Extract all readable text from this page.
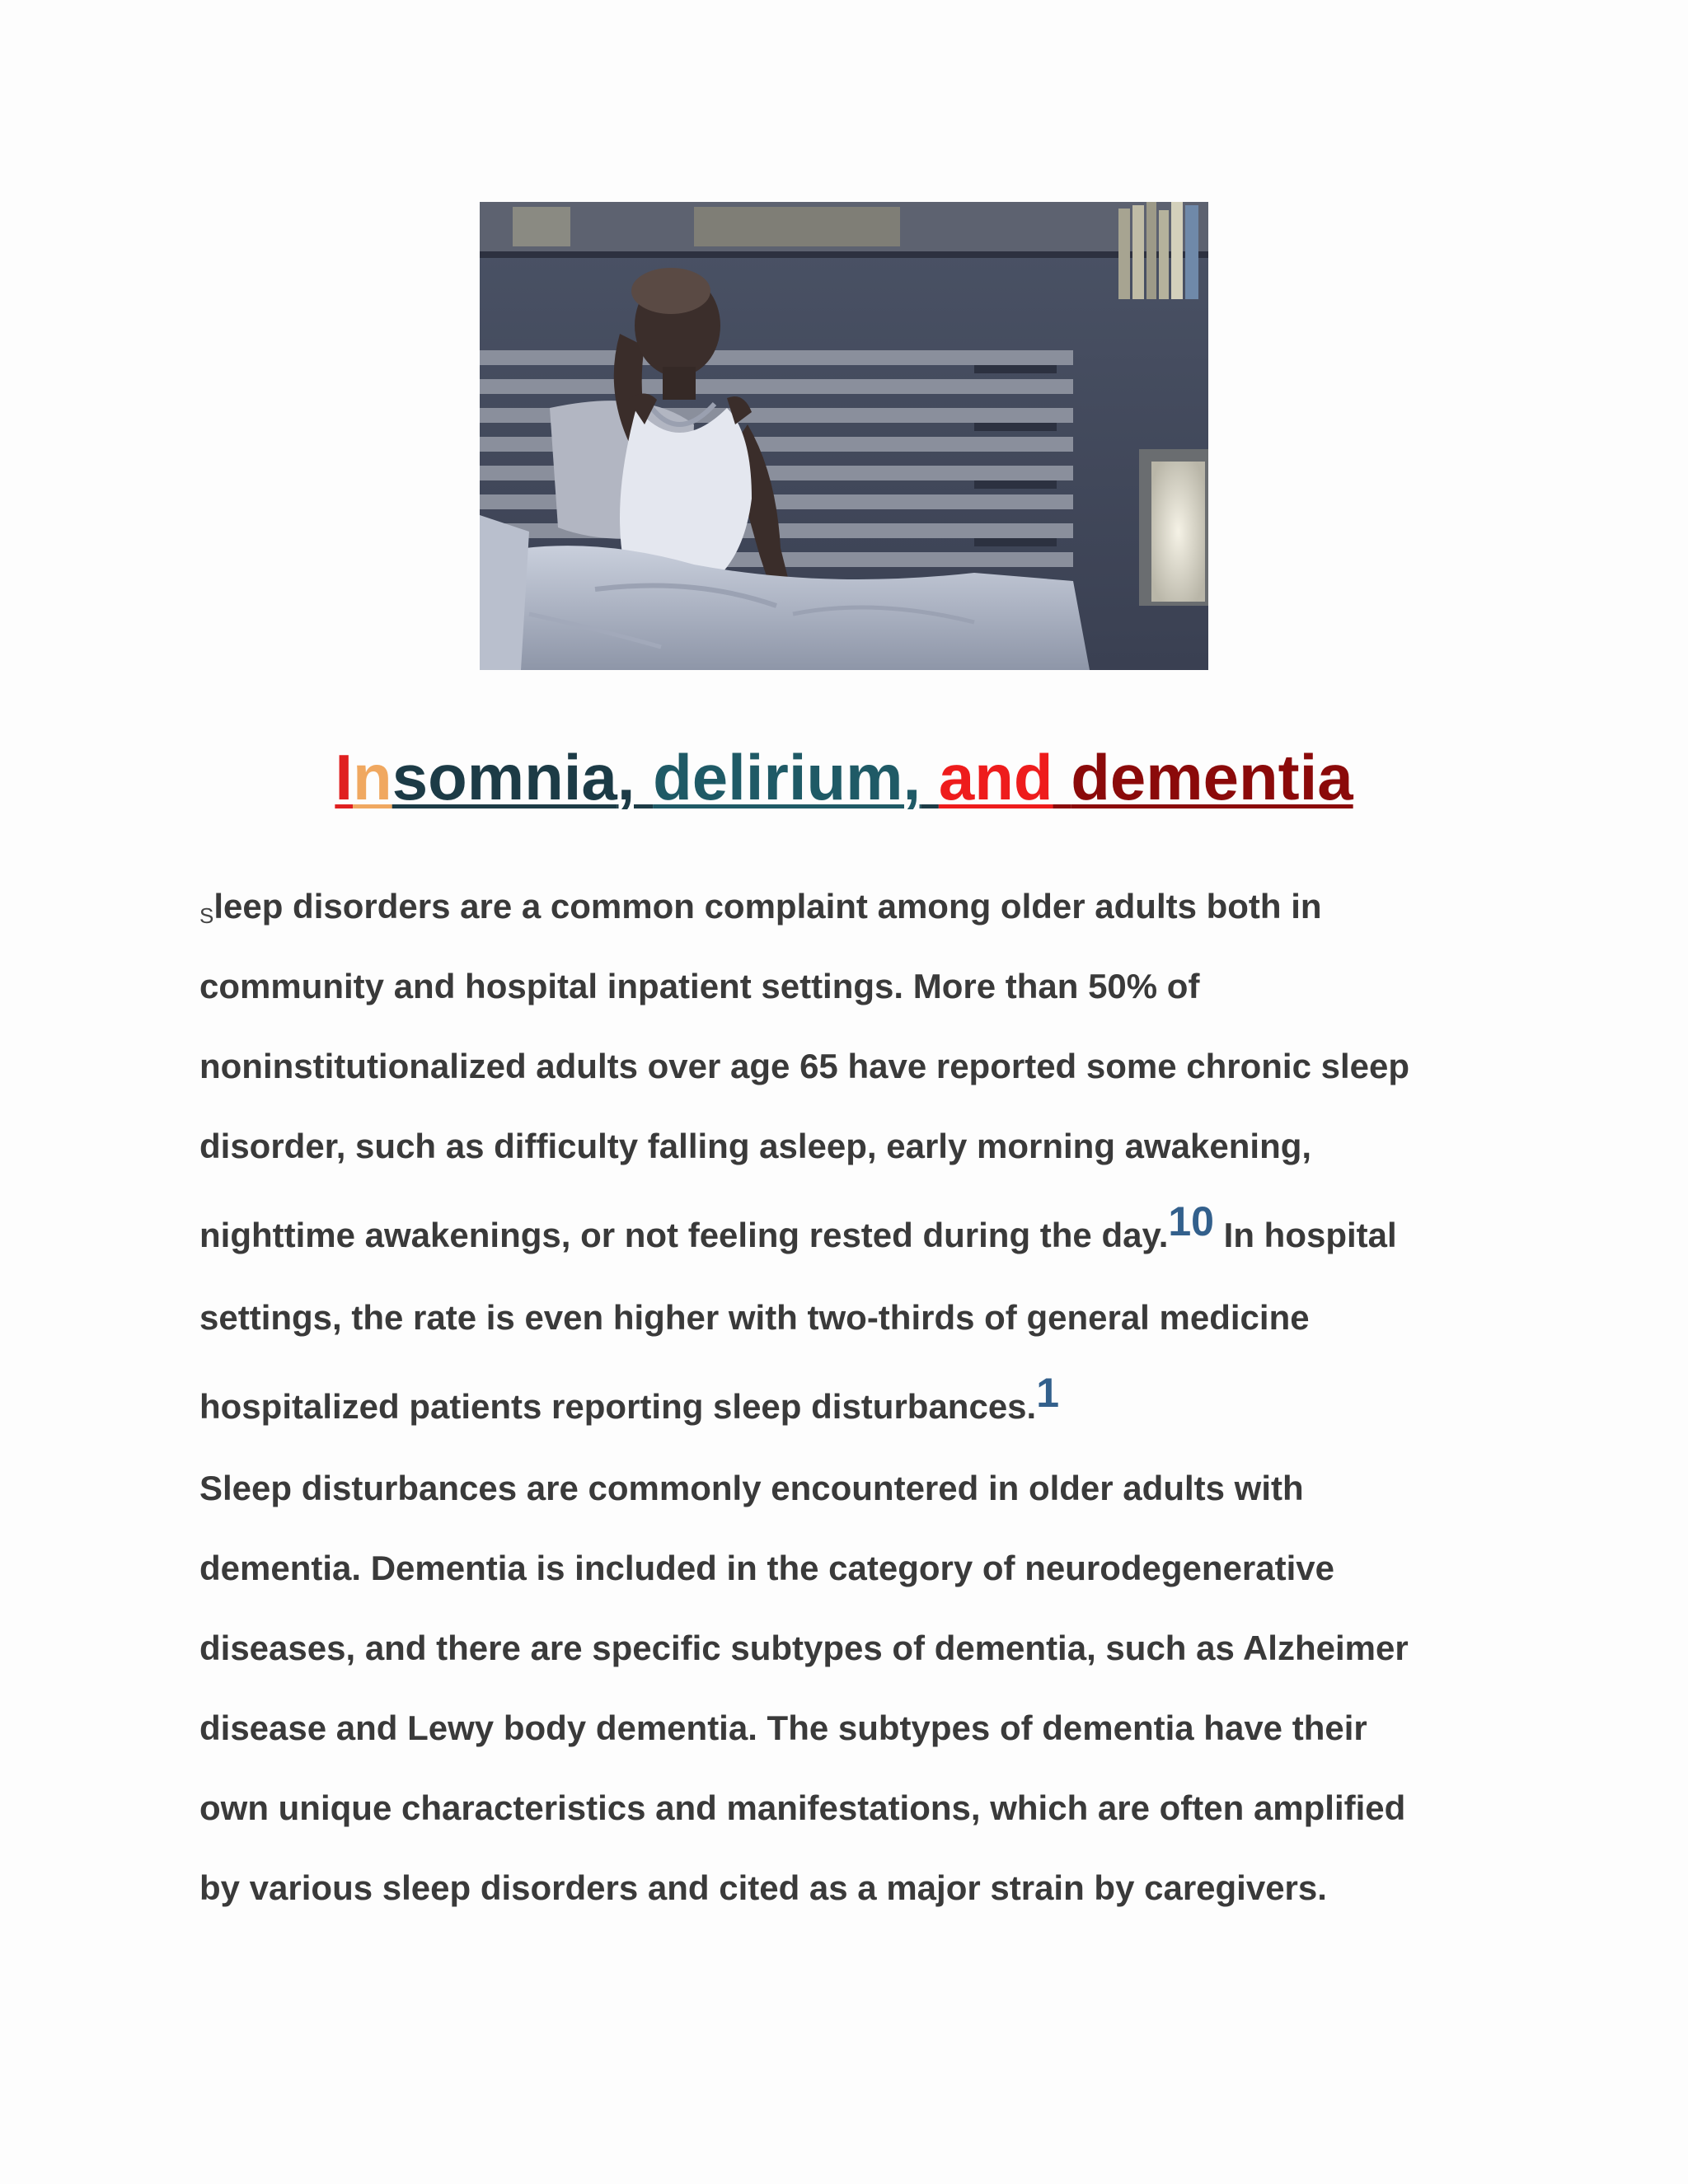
Insomnia, delirium, and dementia
Sleep disorders are a common complaint among older adults both in
community and hospital inpatient settings. More than 50% of
noninstitutionalized adults over age 65 have reported some chronic sleep
disorder, such as difficulty falling asleep, early morning awakening,
nighttime awakenings, or not feeling rested during the day.10 In hospital
settings, the rate is even higher with two-thirds of general medicine
hospitalized patients reporting sleep disturbances.1
Sleep disturbances are commonly encountered in older adults with
dementia. Dementia is included in the category of neurodegenerative
diseases, and there are specific subtypes of dementia, such as Alzheimer
disease and Lewy body dementia. The subtypes of dementia have their
own unique characteristics and manifestations, which are often amplified
by various sleep disorders and cited as a major strain by caregivers.
